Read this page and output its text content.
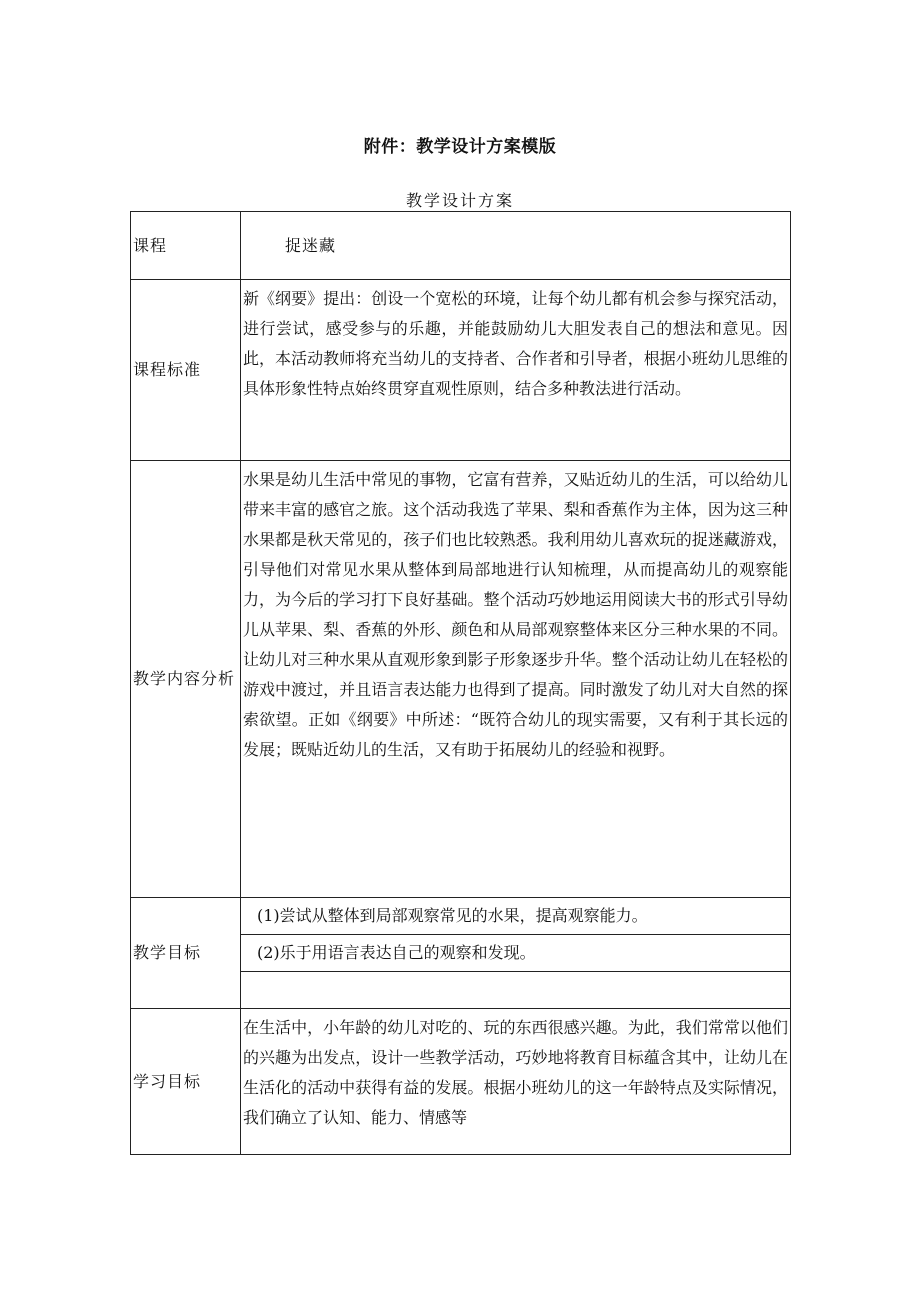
附件：教学设计方案模版
教学设计方案
课程	捉迷藏
课程标准	新《纲要》提出：创设一个宽松的环境，让每个幼儿都有机会参与探究活动，进行尝试，感受参与的乐趣，并能鼓励幼儿大胆发表自己的想法和意见。因此，本活动教师将充当幼儿的支持者、合作者和引导者，根据小班幼儿思维的具体形象性特点始终贯穿直观性原则，结合多种教法进行活动。

教学内容分析	水果是幼儿生活中常见的事物，它富有营养，又贴近幼儿的生活，可以给幼儿带来丰富的感官之旅。这个活动我选了苹果、梨和香蕉作为主体，因为这三种水果都是秋天常见的，孩子们也比较熟悉。我利用幼儿喜欢玩的捉迷藏游戏，引导他们对常见水果从整体到局部地进行认知梳理，从而提高幼儿的观察能力，为今后的学习打下良好基础。整个活动巧妙地运用阅读大书的形式引导幼儿从苹果、梨、香蕉的外形、颜色和从局部观察整体来区分三种水果的不同。让幼儿对三种水果从直观形象到影子形象逐步升华。整个活动让幼儿在轻松的游戏中渡过，并且语言表达能力也得到了提高。同时激发了幼儿对大自然的探索欲望。正如《纲要》中所述：“既符合幼儿的现实需要，又有利于其长远的发展；既贴近幼儿的生活，又有助于拓展幼儿的经验和视野。

教学目标	(1)尝试从整体到局部观察常见的水果，提高观察能力。
	(2)乐于用语言表达自己的观察和发现。

学习目标	在生活中，小年龄的幼儿对吃的、玩的东西很感兴趣。为此，我们常常以他们的兴趣为出发点，设计一些教学活动，巧妙地将教育目标蕴含其中，让幼儿在生活化的活动中获得有益的发展。根据小班幼儿的这一年龄特点及实际情况，我们确立了认知、能力、情感等
